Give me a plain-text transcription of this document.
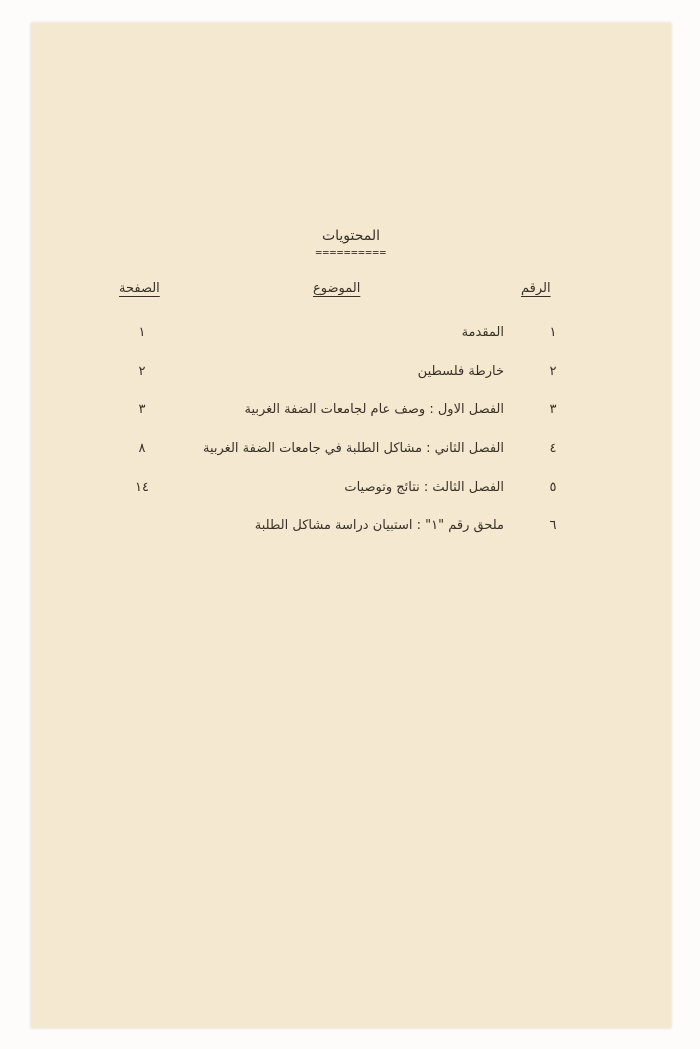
المحتويات
==========
الرقم
الموضوع
الصفحة
١
المقدمة
١
٢
خارطة فلسطين
٢
٣
الفصل الاول : وصف عام لجامعات الضفة الغربية
٣
٤
الفصل الثاني : مشاكل الطلبة في جامعات الضفة الغربية
٨
٥
الفصل الثالث : نتائج وتوصيات
١٤
٦
ملحق رقم "١" : استبيان دراسة مشاكل الطلبة
